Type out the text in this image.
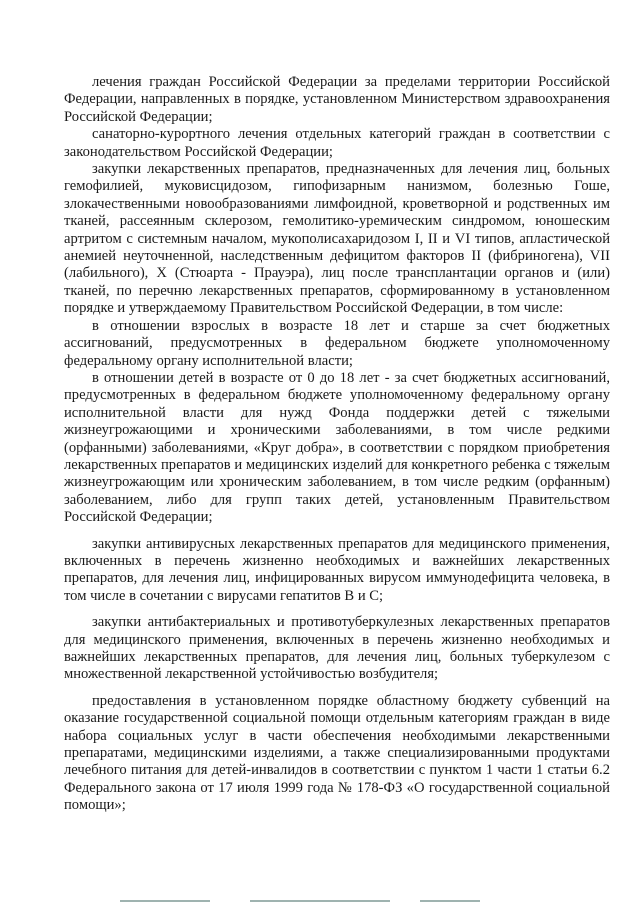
лечения граждан Российской Федерации за пределами территории Российской Федерации, направленных в порядке, установленном Министерством здравоохранения Российской Федерации;

санаторно-курортного лечения отдельных категорий граждан в соответствии с законодательством Российской Федерации;

закупки лекарственных препаратов, предназначенных для лечения лиц, больных гемофилией, муковисцидозом, гипофизарным нанизмом, болезнью Гоше, злокачественными новообразованиями лимфоидной, кроветворной и родственных им тканей, рассеянным склерозом, гемолитико-уремическим синдромом, юношеским артритом с системным началом, мукополисахаридозом I, II и VI типов, апластической анемией неуточненной, наследственным дефицитом факторов II (фибриногена), VII (лабильного), X (Стюарта - Прауэра), лиц после трансплантации органов и (или) тканей, по перечню лекарственных препаратов, сформированному в установленном порядке и утверждаемому Правительством Российской Федерации, в том числе:

в отношении взрослых в возрасте 18 лет и старше за счет бюджетных ассигнований, предусмотренных в федеральном бюджете уполномоченному федеральному органу исполнительной власти;

в отношении детей в возрасте от 0 до 18 лет - за счет бюджетных ассигнований, предусмотренных в федеральном бюджете уполномоченному федеральному органу исполнительной власти для нужд Фонда поддержки детей с тяжелыми жизнеугрожающими и хроническими заболеваниями, в том числе редкими (орфанными) заболеваниями, «Круг добра», в соответствии с порядком приобретения лекарственных препаратов и медицинских изделий для конкретного ребенка с тяжелым жизнеугрожающим или хроническим заболеванием, в том числе редким (орфанным) заболеванием, либо для групп таких детей, установленным Правительством Российской Федерации;

закупки антивирусных лекарственных препаратов для медицинского применения, включенных в перечень жизненно необходимых и важнейших лекарственных препаратов, для лечения лиц, инфицированных вирусом иммунодефицита человека, в том числе в сочетании с вирусами гепатитов B и C;

закупки антибактериальных и противотуберкулезных лекарственных препаратов для медицинского применения, включенных в перечень жизненно необходимых и важнейших лекарственных препаратов, для лечения лиц, больных туберкулезом с множественной лекарственной устойчивостью возбудителя;

предоставления в установленном порядке областному бюджету субвенций на оказание государственной социальной помощи отдельным категориям граждан в виде набора социальных услуг в части обеспечения необходимыми лекарственными препаратами, медицинскими изделиями, а также специализированными продуктами лечебного питания для детей-инвалидов в соответствии с пунктом 1 части 1 статьи 6.2 Федерального закона от 17 июля 1999 года № 178-ФЗ «О государственной социальной помощи»;
